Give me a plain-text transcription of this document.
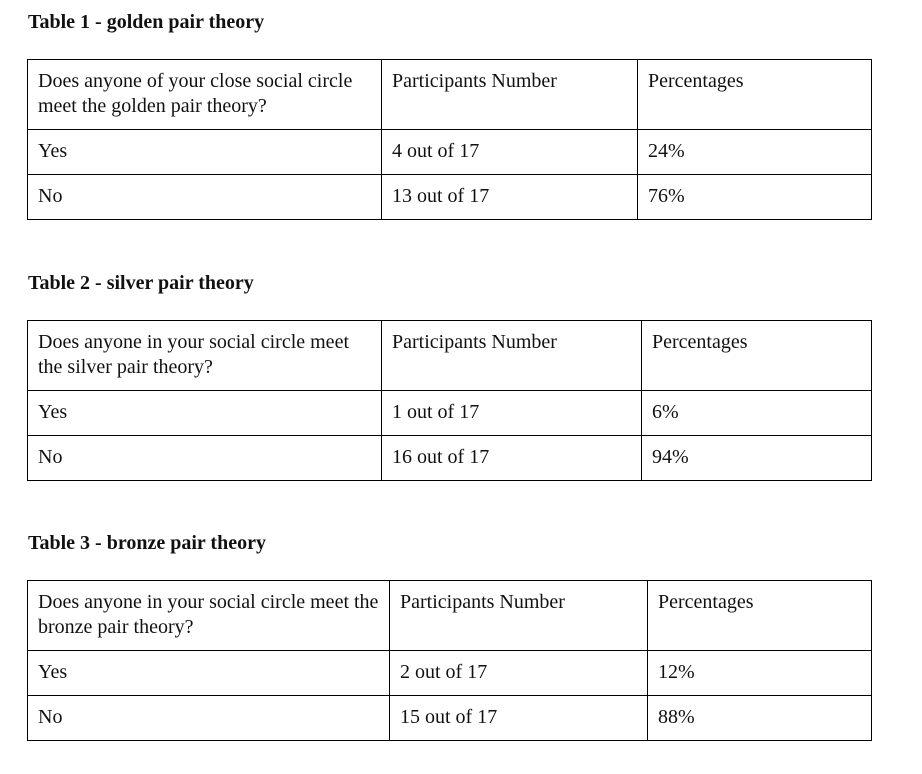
Table 1 - golden pair theory
Does anyone of your close social circle meet the golden pair theory?	Participants Number	Percentages
Yes	4 out of 17	24%
No	13 out of 17	76%
Table 2 - silver pair theory
Does anyone in your social circle meet the silver pair theory?	Participants Number	Percentages
Yes	1 out of 17	6%
No	16 out of 17	94%
Table 3 - bronze pair theory
Does anyone in your social circle meet the bronze pair theory?	Participants Number	Percentages
Yes	2 out of 17	12%
No	15 out of 17	88%
